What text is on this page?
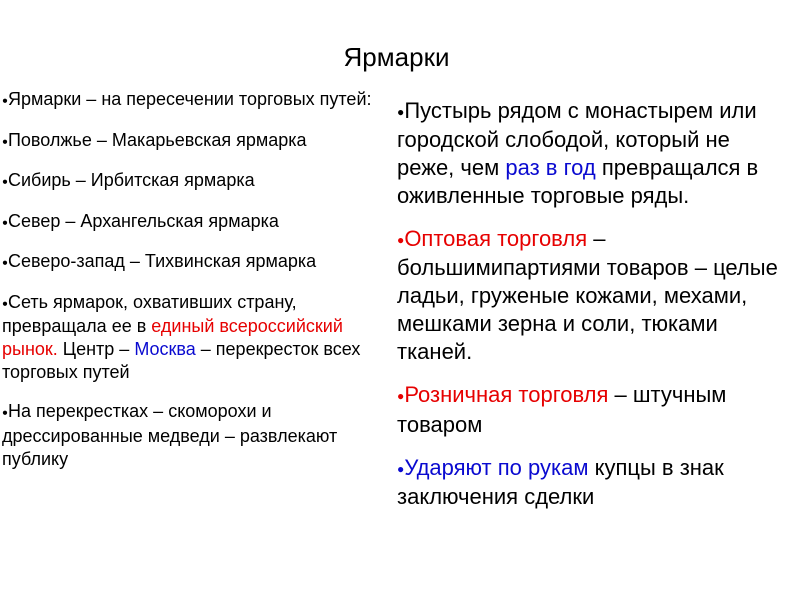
Ярмарки
●Ярмарки – на пересечении торговых путей:
●Поволжье – Макарьевская ярмарка
●Сибирь – Ирбитская ярмарка
●Север – Архангельская ярмарка
●Северо-запад – Тихвинская ярмарка
●Сеть ярмарок, охвативших страну, превращала ее в единый всероссийский рынок. Центр – Москва – перекресток всех торговых путей
●На перекрестках – скоморохи и дрессированные медведи – развлекают публику
●Пустырь рядом с монастырем или городской слободой, который не реже, чем раз в год превращался в оживленные торговые ряды.
●Оптовая торговля – большимипартиями товаров – целые ладьи, груженые кожами, мехами, мешками зерна и соли, тюками тканей.
●Розничная торговля – штучным товаром
●Ударяют по рукам купцы в знак заключения сделки
